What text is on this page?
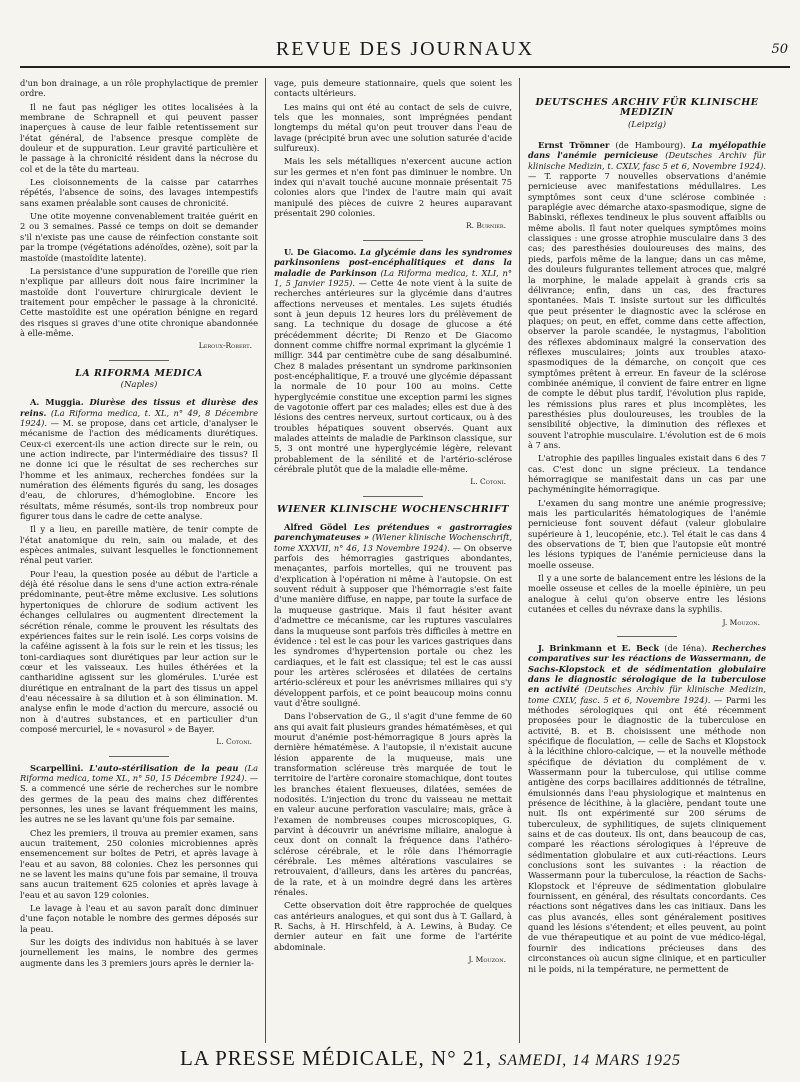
REVUE DES JOURNAUX	50

d'un bon drainage, a un rôle prophylactique de premier ordre.

Il ne faut pas négliger les otites localisées à la membrane de Schrapnell et qui peuvent passer inaperçues à cause de leur faible retentissement sur l'état général, de l'absence presque complète de douleur et de suppuration. Leur gravité particulière et le passage à la chronicité résident dans la nécrose du col et de la tête du marteau.

Les cloisonnements de la caisse par catarrhes répétés, l'absence de soins, des lavages intempestifs sans examen préalable sont causes de chronicité.

Une otite moyenne convenablement traitée guérit en 2 ou 3 semaines. Passé ce temps on doit se demander s'il n'existe pas une cause de réinfection constante soit par la trompe (végétations adénoïdes, ozène), soit par la mastoïde (mastoïdite latente).

La persistance d'une suppuration de l'oreille que rien n'explique par ailleurs doit nous faire incriminer la mastoïde dont l'ouverture chirurgicale devient le traitement pour empêcher le passage à la chronicité. Cette mastoïdite est une opération bénigne en regard des risques si graves d'une otite chronique abandonnée à elle-même.

Leroux-Robert.
LA RIFORMA MEDICA
(Naples)

A. Muggia. Diurèse des tissus et diurèse des reins. (La Riforma medica, t. XL, n° 49, 8 Décembre 1924). — M. se propose, dans cet article, d'analyser le mécanisme de l'action des médicaments diurétiques. Ceux-ci exercent-ils une action directe sur le rein, ou une action indirecte, par l'intermédiaire des tissus? Il ne donne ici que le résultat de ses recherches sur l'homme et les animaux, recherches fondées sur la numération des éléments figurés du sang, les dosages d'eau, de chlorures, d'hémoglobine. Encore les résultats, même résumés, sont-ils trop nombreux pour figurer tous dans le cadre de cette analyse.

Il y a lieu, en pareille matière, de tenir compte de l'état anatomique du rein, sain ou malade, et des espèces animales, suivant lesquelles le fonctionnement rénal peut varier.

Pour l'eau, la question posée au début de l'article a déjà été résolue dans le sens d'une action extra-rénale prédominante, peut-être même exclusive. Les solutions hypertoniques de chlorure de sodium activent les échanges cellulaires ou augmentent directement la sécrétion rénale, comme le prouvent les résultats des expériences faites sur le rein isolé. Les corps voisins de la caféine agissent à la fois sur le rein et les tissus; les toni-cardiaques sont diurétiques par leur action sur le cœur et les vaisseaux. Les huiles éthérées et la cantharidine agissent sur les glomérules. L'urée est diurétique en entraînant de la part des tissus un appel d'eau nécessaire à sa dilution et à son élimination. M. analyse enfin le mode d'action du mercure, associé ou non à d'autres substances, et en particulier d'un composé mercuriel, le « novasurol » de Bayer.

L. Cotoni.

Scarpellini. L'auto-stérilisation de la peau (La Riforma medica, tome XL, n° 50, 15 Décembre 1924). — S. a commencé une série de recherches sur le nombre des germes de la peau des mains chez différentes personnes, les unes se lavant fréquemment les mains, les autres ne se les lavant qu'une fois par semaine.

Chez les premiers, il trouva au premier examen, sans aucun traitement, 250 colonies microbiennes après ensemencement sur boîtes de Petri, et après lavage à l'eau et au savon, 88 colonies. Chez les personnes qui ne se lavent les mains qu'une fois par semaine, il trouva sans aucun traitement 625 colonies et après lavage à l'eau et au savon 129 colonies.

Le lavage à l'eau et au savon paraît donc diminuer d'une façon notable le nombre des germes déposés sur la peau.

Sur les doigts des individus non habitués à se laver journellement les mains, le nombre des germes augmente dans les 3 premiers jours après le dernier la-

vage, puis demeure stationnaire, quels que soient les contacts ultérieurs.

Les mains qui ont été au contact de sels de cuivre, tels que les monnaies, sont imprégnées pendant longtemps du métal qu'on peut trouver dans l'eau de lavage (précipité brun avec une solution saturée d'acide sulfureux).

Mais les sels métalliques n'exercent aucune action sur les germes et n'en font pas diminuer le nombre. Un index qui n'avait touché aucune monnaie présentait 75 colonies alors que l'index de l'autre main qui avait manipulé des pièces de cuivre 2 heures auparavant présentait 290 colonies.

R. Burnier.

U. De Giacomo. La glycémie dans les syndromes parkinsoniens post-encéphalitiques et dans la maladie de Parkinson (La Riforma medica, t. XLI, n° 1, 5 Janvier 1925). — Cette 4e note vient à la suite de recherches antérieures sur la glycémie dans d'autres affections nerveuses et mentales. Les sujets étudiés sont à jeun depuis 12 heures lors du prélèvement de sang. La technique du dosage de glucose a été précédemment décrite; Di Renzo et De Giacomo donnent comme chiffre normal exprimant la glycémie 1 milligr. 344 par centimètre cube de sang désalbuminé. Chez 8 malades présentant un syndrome parkinsonien post-encéphalitique, F. a trouvé une glycémie dépassant la normale de 10 pour 100 au moins. Cette hyperglycémie constitue une exception parmi les signes de vagotonie offert par ces malades; elles est due à des lésions des centres nerveux, surtout corticaux, ou à des troubles hépatiques souvent observés. Quant aux malades atteints de maladie de Parkinson classique, sur 5, 3 ont montré une hyperglycémie légère, relevant probablement de la sénilité et de l'artério-sclérose cérébrale plutôt que de la maladie elle-même.

L. Cotoni.
WIENER KLINISCHE WOCHENSCHRIFT

Alfred Gödel Les prétendues « gastrorragies parenchymateuses » (Wiener klinische Wochenschrift, tome XXXVII, n° 46, 13 Novembre 1924). — On observe parfois des hémorragies gastriques abondantes, menaçantes, parfois mortelles, qui ne trouvent pas d'explication à l'opération ni même à l'autopsie. On est souvent réduit à supposer que l'hémorragie s'est faite d'une manière diffuse, en nappe, par toute la surface de la muqueuse gastrique. Mais il faut hésiter avant d'admettre ce mécanisme, car les ruptures vasculaires dans la muqueuse sont parfois très difficiles à mettre en évidence : tel est le cas pour les varices gastriques dans les syndromes d'hypertension portale ou chez les cardiaques, et le fait est classique; tel est le cas aussi pour les artères sclérosées et dilatées de certains artério-scléreux et pour les anévrismes miliaires qui s'y développent parfois, et ce point beaucoup moins connu vaut d'être souligné.

Dans l'observation de G., il s'agit d'une femme de 60 ans qui avait fait plusieurs grandes hématémèses, et qui mourut d'anémie post-hémorragique 8 jours après la dernière hématémèse. A l'autopsie, il n'existait aucune lésion apparente de la muqueuse, mais une transformation scléreuse très marquée de tout le territoire de l'artère coronaire stomachique, dont toutes les branches étaient flexueuses, dilatées, semées de nodosités. L'injection du tronc du vaisseau ne mettait en valeur aucune perforation vasculaire; mais, grâce à l'examen de nombreuses coupes microscopiques, G. parvint à découvrir un anévrisme miliaire, analogue à ceux dont on connaît la fréquence dans l'athéro-sclérose cérébrale, et le rôle dans l'hémorragie cérébrale. Les mêmes altérations vasculaires se retrouvaient, d'ailleurs, dans les artères du pancréas, de la rate, et à un moindre degré dans les artères rénales.

Cette observation doit être rapprochée de quelques cas antérieurs analogues, et qui sont dus à T. Gallard, à R. Sachs, à H. Hirschfeld, à A. Lewins, à Buday. Ce dernier auteur en fait une forme de l'artérite abdominale.

J. Mouzon.
DEUTSCHES ARCHIV FÜR KLINISCHE MEDIZIN
(Leipzig)

Ernst Trömner (de Hambourg). La myélopathie dans l'anémie pernicieuse (Deutsches Archiv für klinische Medizin, t. CXLV, fasc 5 et 6, Novembre 1924). — T. rapporte 7 nouvelles observations d'anémie pernicieuse avec manifestations médullaires. Les symptômes sont ceux d'une sclérose combinée : paraplégie avec démarche ataxo-spasmodique, signe de Babinski, réflexes tendineux le plus souvent affaiblis ou même abolis. Il faut noter quelques symptômes moins classiques : une grosse atrophie musculaire dans 3 des cas; des paresthésies douloureuses des mains, des pieds, parfois même de la langue; dans un cas même, des douleurs fulgurantes tellement atroces que, malgré la morphine, le malade appelait à grands cris sa délivrance; enfin, dans un cas, des fractures spontanées. Mais T. insiste surtout sur les difficultés que peut présenter le diagnostic avec la sclérose en plaques; on peut, en effet, comme dans cette affection, observer la parole scandée, le nystagmus, l'abolition des réflexes abdominaux malgré la conservation des réflexes musculaires; joints aux troubles ataxo-spasmodiques de la démarche, on conçoit que ces symptômes prêtent à erreur. En faveur de la sclérose combinée anémique, il convient de faire entrer en ligne de compte le début plus tardif, l'évolution plus rapide, les rémissions plus rares et plus incomplètes, les paresthésies plus douloureuses, les troubles de la sensibilité objective, la diminution des réflexes et souvent l'atrophie musculaire. L'évolution est de 6 mois à 7 ans.

L'atrophie des papilles linguales existait dans 6 des 7 cas. C'est donc un signe précieux. La tendance hémorragique se manifestait dans un cas par une pachyméningite hémorragique.

L'examen du sang montre une anémie progressive; mais les particularités hématologiques de l'anémie pernicieuse font souvent défaut (valeur globulaire supérieure à 1, leucopénie, etc.). Tel était le cas dans 4 des observations de T, bien que l'autopsie eût montré les lésions typiques de l'anémie pernicieuse dans la moelle osseuse.

Il y a une sorte de balancement entre les lésions de la moelle osseuse et celles de la moelle épinière, un peu analogue à celui qu'on observe entre les lésions cutanées et celles du névraxe dans la syphilis.

J. Mouzon.

J. Brinkmann et E. Beck (de Iéna). Recherches comparatives sur les réactions de Wassermann, de Sachs-Klopstock et de sédimentation globulaire dans le diagnostic sérologique de la tuberculose en activité (Deutsches Archiv für klinische Medizin, tome CXLV, fasc. 5 et 6, Novembre 1924). — Parmi les méthodes sérologiques qui ont été récemment proposées pour le diagnostic de la tuberculose en activité, B. et B. choisissent une méthode non spécifique de floculation, — celle de Sachs et Klopstock à la lécithine chloro-calcique, — et la nouvelle méthode spécifique de déviation du complément de v. Wassermann pour la tuberculose, qui utilise comme antigène des corps bacillaires additionnés de tétraline, émulsionnés dans l'eau physiologique et maintenus en présence de lécithine, à la glacière, pendant toute une nuit. Ils ont expérimenté sur 200 sérums de tuberculeux, de syphilitiques, de sujets cliniquement sains et de cas douteux. Ils ont, dans beaucoup de cas, comparé les réactions sérologiques à l'épreuve de sédimentation globulaire et aux cuti-réactions. Leurs conclusions sont les suivantes : la réaction de Wassermann pour la tuberculose, la réaction de Sachs-Klopstock et l'épreuve de sédimentation globulaire fournissent, en général, des résultats concordants. Ces réactions sont négatives dans les cas initiaux. Dans les cas plus avancés, elles sont généralement positives quand les lésions s'étendent; et elles peuvent, au point de vue thérapeutique et au point de vue médico-légal, fournir des indications précieuses dans des circonstances où aucun signe clinique, et en particulier ni le poids, ni la température, ne permettent de

LA PRESSE MÉDICALE, N° 21, SAMEDI, 14 MARS 1925
